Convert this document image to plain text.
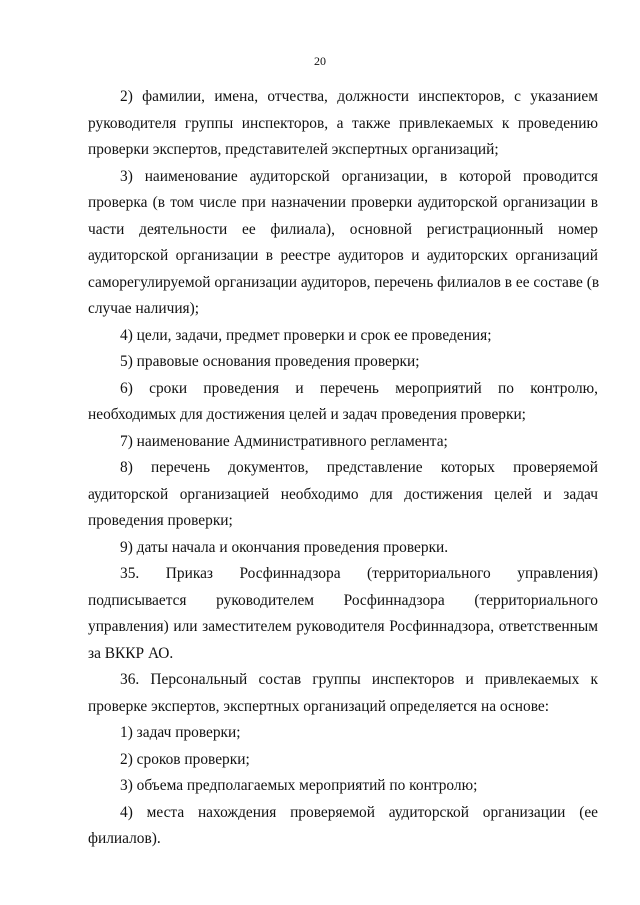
20
2) фамилии, имена, отчества, должности инспекторов, с указанием
руководителя группы инспекторов, а также привлекаемых к проведению
проверки экспертов, представителей экспертных организаций;
3) наименование аудиторской организации, в которой проводится
проверка (в том числе при назначении проверки аудиторской организации в
части деятельности ее филиала), основной регистрационный номер
аудиторской организации в реестре аудиторов и аудиторских организаций
саморегулируемой организации аудиторов, перечень филиалов в ее составе (в
случае наличия);
4) цели, задачи, предмет проверки и срок ее проведения;
5) правовые основания проведения проверки;
6) сроки проведения и перечень мероприятий по контролю,
необходимых для достижения целей и задач проведения проверки;
7) наименование Административного регламента;
8) перечень документов, представление которых проверяемой
аудиторской организацией необходимо для достижения целей и задач
проведения проверки;
9) даты начала и окончания проведения проверки.
35. Приказ Росфиннадзора (территориального управления)
подписывается руководителем Росфиннадзора (территориального
управления) или заместителем руководителя Росфиннадзора, ответственным
за ВККР АО.
36. Персональный состав группы инспекторов и привлекаемых к
проверке экспертов, экспертных организаций определяется на основе:
1) задач проверки;
2) сроков проверки;
3) объема предполагаемых мероприятий по контролю;
4) места нахождения проверяемой аудиторской организации (ее
филиалов).
